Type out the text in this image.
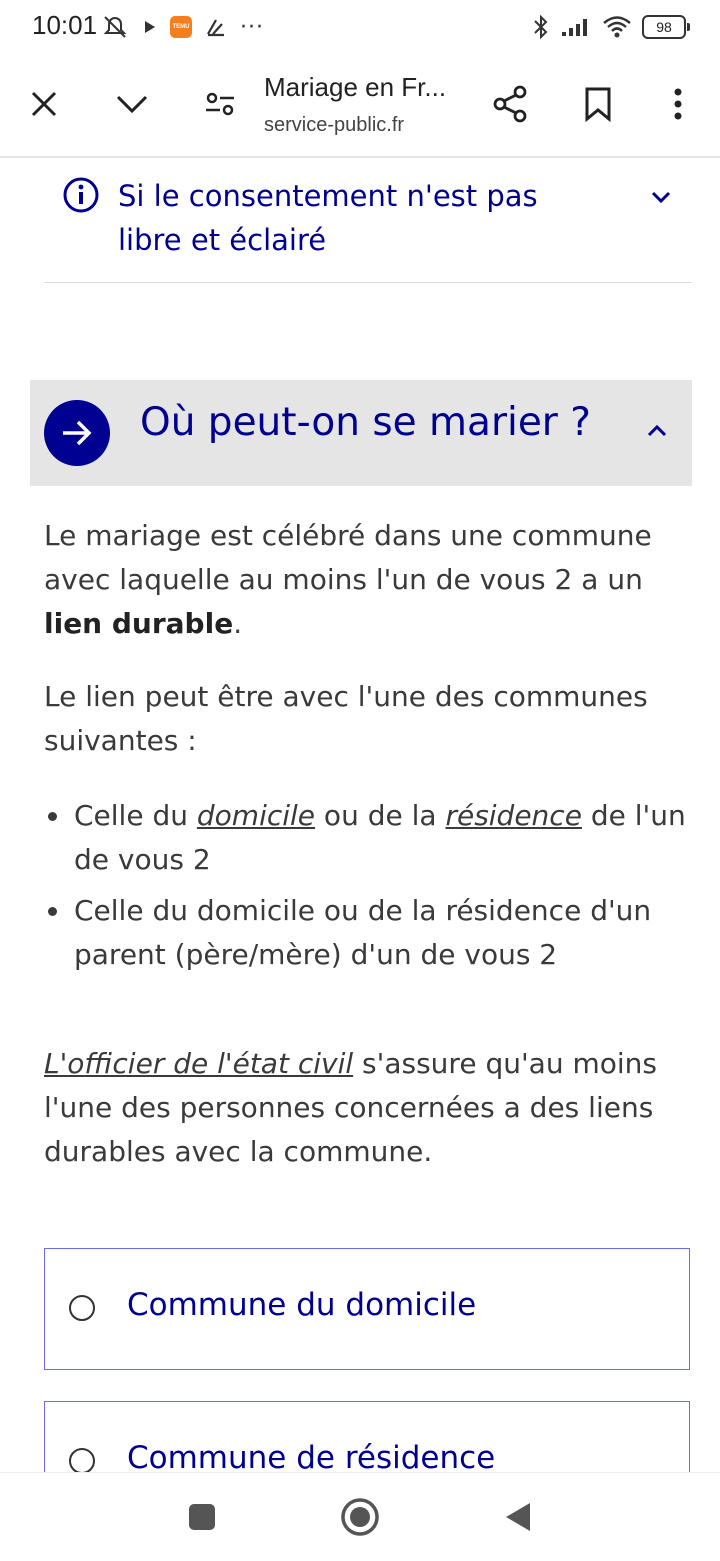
10:01	TEMU ···	98
Mariage en Fr...
service-public.fr
Si le consentement n'est pas libre et éclairé
Où peut-on se marier ?

Le mariage est célébré dans une commune avec laquelle au moins l'un de vous 2 a un lien durable.

Le lien peut être avec l'une des communes suivantes :

Celle du domicile ou de la résidence de l'un de vous 2
Celle du domicile ou de la résidence d'un parent (père/mère) d'un de vous 2

L'officier de l'état civil s'assure qu'au moins l'une des personnes concernées a des liens durables avec la commune.

Commune du domicile
Commune de résidence
